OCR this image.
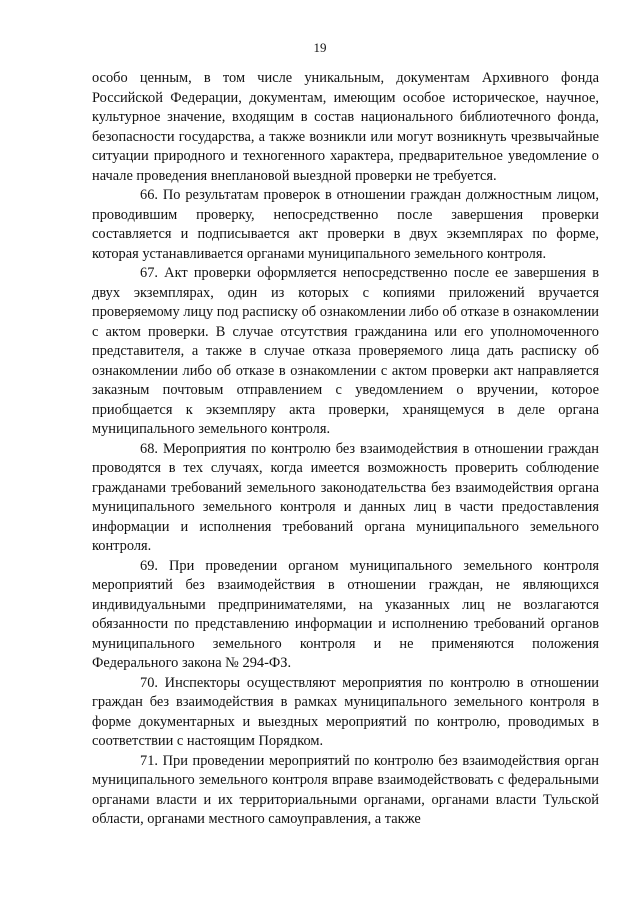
19

особо ценным, в том числе уникальным, документам Архивного фонда Российской Федерации, документам, имеющим особое историческое, научное, культурное значение, входящим в состав национального библиотечного фонда, безопасности государства, а также возникли или могут возникнуть чрезвычайные ситуации природного и техногенного характера, предварительное уведомление о начале проведения внеплановой выездной проверки не требуется.

66. По результатам проверок в отношении граждан должностным лицом, проводившим проверку, непосредственно после завершения проверки составляется и подписывается акт проверки в двух экземплярах по форме, которая устанавливается органами муниципального земельного контроля.

67. Акт проверки оформляется непосредственно после ее завершения в двух экземплярах, один из которых с копиями приложений вручается проверяемому лицу под расписку об ознакомлении либо об отказе в ознакомлении с актом проверки. В случае отсутствия гражданина или его уполномоченного представителя, а также в случае отказа проверяемого лица дать расписку об ознакомлении либо об отказе в ознакомлении с актом проверки акт направляется заказным почтовым отправлением с уведомлением о вручении, которое приобщается к экземпляру акта проверки, хранящемуся в деле органа муниципального земельного контроля.

68. Мероприятия по контролю без взаимодействия в отношении граждан проводятся в тех случаях, когда имеется возможность проверить соблюдение гражданами требований земельного законодательства без взаимодействия органа муниципального земельного контроля и данных лиц в части предоставления информации и исполнения требований органа муниципального земельного контроля.

69. При проведении органом муниципального земельного контроля мероприятий без взаимодействия в отношении граждан, не являющихся индивидуальными предпринимателями, на указанных лиц не возлагаются обязанности по представлению информации и исполнению требований органов муниципального земельного контроля и не применяются положения Федерального закона № 294-ФЗ.

70. Инспекторы осуществляют мероприятия по контролю в отношении граждан без взаимодействия в рамках муниципального земельного контроля в форме документарных и выездных мероприятий по контролю, проводимых в соответствии с настоящим Порядком.

71. При проведении мероприятий по контролю без взаимодействия орган муниципального земельного контроля вправе взаимодействовать с федеральными органами власти и их территориальными органами, органами власти Тульской области, органами местного самоуправления, а также
